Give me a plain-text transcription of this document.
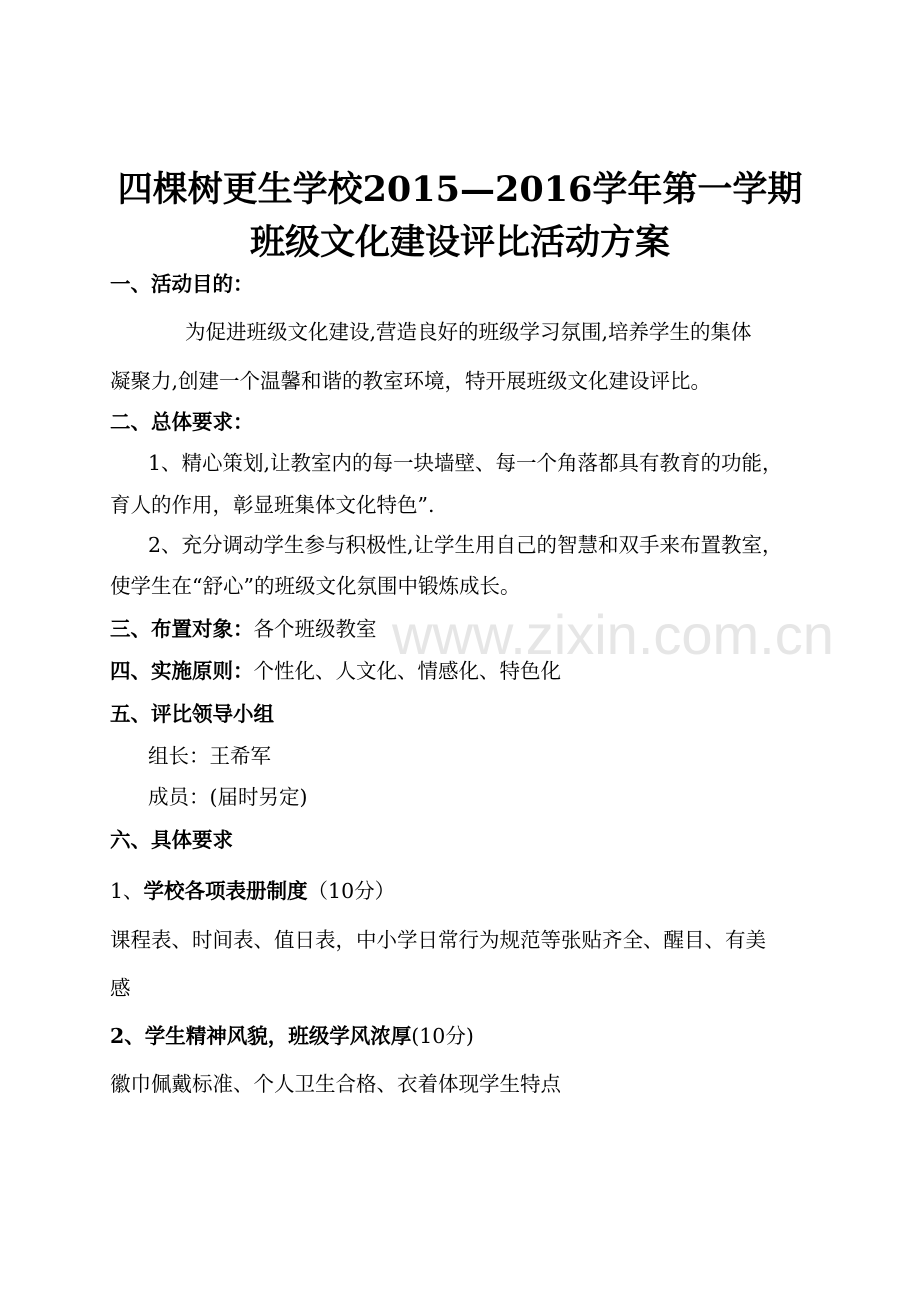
www.zixin.com.cn
四棵树更生学校2015—2016学年第一学期
班级文化建设评比活动方案
一、活动目的：
为促进班级文化建设,营造良好的班级学习氛围,培养学生的集体
凝聚力,创建一个温馨和谐的教室环境，特开展班级文化建设评比。
二、总体要求：
1、精心策划,让教室内的每一块墙壁、每一个角落都具有教育的功能，
育人的作用，彰显班集体文化特色”.
2、充分调动学生参与积极性,让学生用自己的智慧和双手来布置教室，
使学生在“舒心”的班级文化氛围中锻炼成长。
三、布置对象：各个班级教室
四、实施原则：个性化、人文化、情感化、特色化
五、评比领导小组
组长：王希军
成员：(届时另定)
六、具体要求
1、学校各项表册制度（10分）
课程表、时间表、值日表，中小学日常行为规范等张贴齐全、醒目、有美
感
2、学生精神风貌，班级学风浓厚(10分)
徽巾佩戴标准、个人卫生合格、衣着体现学生特点
